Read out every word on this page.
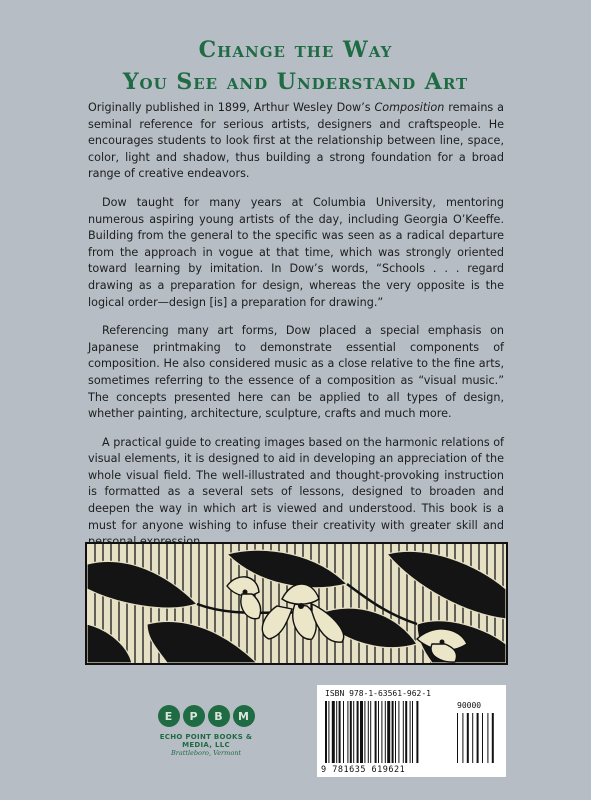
Change the Way
You See and Understand Art

Originally published in 1899, Arthur Wesley Dow’s Composition remains a seminal reference for serious artists, designers and craftspeople. He encourages students to look first at the relationship between line, space, color, light and shadow, thus building a strong foundation for a broad range of creative endeavors.

Dow taught for many years at Columbia University, mentoring numerous aspiring young artists of the day, including Georgia O’Keeffe. Building from the general to the specific was seen as a radical departure from the approach in vogue at that time, which was strongly oriented toward learning by imitation. In Dow’s words, “Schools . . . regard drawing as a preparation for design, whereas the very opposite is the logical order—design [is] a preparation for drawing.”

Referencing many art forms, Dow placed a special emphasis on Japanese printmaking to demonstrate essential components of composition. He also considered music as a close relative to the fine arts, sometimes referring to the essence of a composition as “visual music.” The concepts presented here can be applied to all types of design, whether painting, architecture, sculpture, crafts and much more.

A practical guide to creating images based on the harmonic relations of visual elements, it is designed to aid in developing an appreciation of the whole visual field. The well-illustrated and thought-provoking instruction is formatted as a several sets of lessons, designed to broaden and deepen the way in which art is viewed and understood. This book is a must for anyone wishing to infuse their creativity with greater skill and

E	P	B	M
ECHO POINT BOOKS & MEDIA, LLC
Brattleboro, Vermont
ISBN 978-1-63561-962-1
90000
9 781635 619621
